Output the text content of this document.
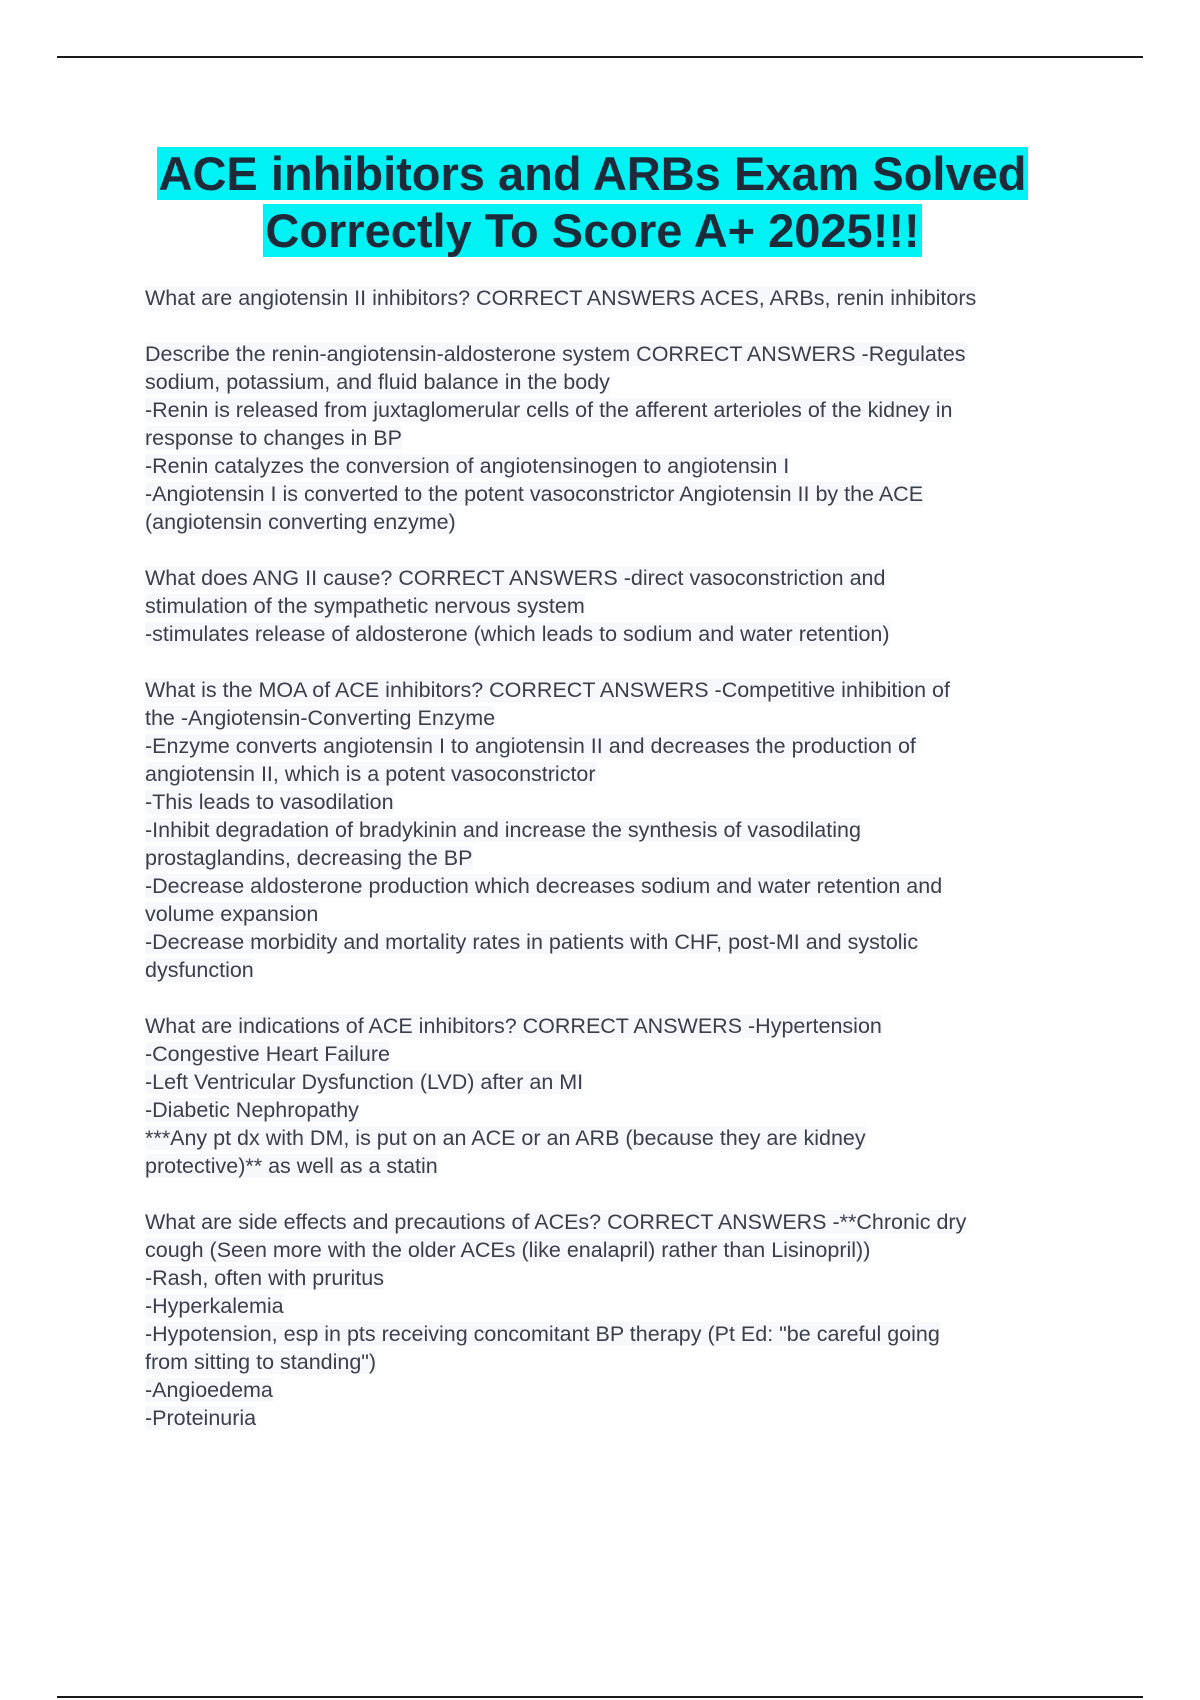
ACE inhibitors and ARBs Exam Solved
Correctly To Score A+ 2025!!!
What are angiotensin II inhibitors? CORRECT ANSWERS ACES, ARBs, renin inhibitors
Describe the renin-angiotensin-aldosterone system CORRECT ANSWERS -Regulates
sodium, potassium, and fluid balance in the body
-Renin is released from juxtaglomerular cells of the afferent arterioles of the kidney in
response to changes in BP
-Renin catalyzes the conversion of angiotensinogen to angiotensin I
-Angiotensin I is converted to the potent vasoconstrictor Angiotensin II by the ACE
(angiotensin converting enzyme)
What does ANG II cause? CORRECT ANSWERS -direct vasoconstriction and
stimulation of the sympathetic nervous system
-stimulates release of aldosterone (which leads to sodium and water retention)
What is the MOA of ACE inhibitors? CORRECT ANSWERS -Competitive inhibition of
the -Angiotensin-Converting Enzyme
-Enzyme converts angiotensin I to angiotensin II and decreases the production of
angiotensin II, which is a potent vasoconstrictor
-This leads to vasodilation
-Inhibit degradation of bradykinin and increase the synthesis of vasodilating
prostaglandins, decreasing the BP
-Decrease aldosterone production which decreases sodium and water retention and
volume expansion
-Decrease morbidity and mortality rates in patients with CHF, post-MI and systolic
dysfunction
What are indications of ACE inhibitors? CORRECT ANSWERS -Hypertension
-Congestive Heart Failure
-Left Ventricular Dysfunction (LVD) after an MI
-Diabetic Nephropathy
***Any pt dx with DM, is put on an ACE or an ARB (because they are kidney
protective)** as well as a statin
What are side effects and precautions of ACEs? CORRECT ANSWERS -**Chronic dry
cough (Seen more with the older ACEs (like enalapril) rather than Lisinopril))
-Rash, often with pruritus
-Hyperkalemia
-Hypotension, esp in pts receiving concomitant BP therapy (Pt Ed: "be careful going
from sitting to standing")
-Angioedema
-Proteinuria
